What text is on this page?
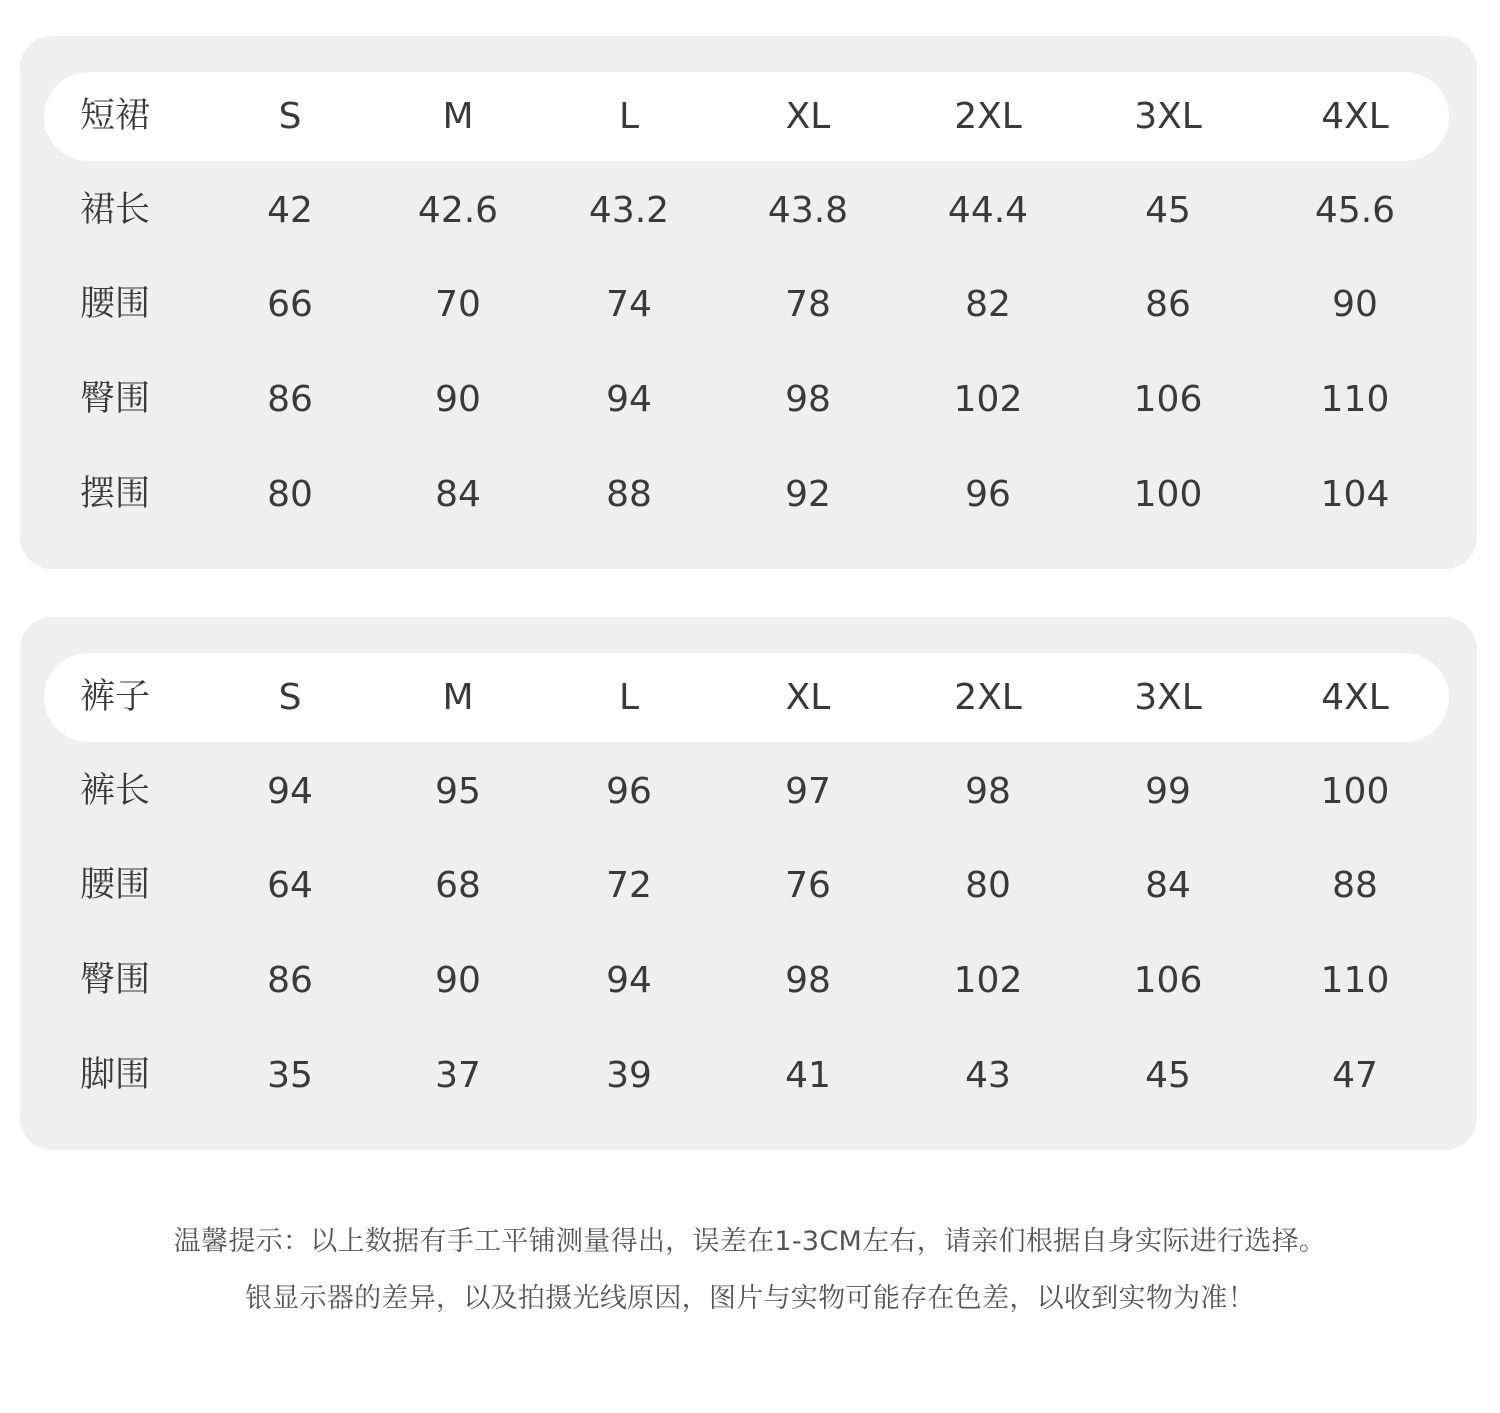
短裙	S	M	L	XL	2XL	3XL	4XL
裙长	42	42.6	43.2	43.8	44.4	45	45.6
腰围	66	70	74	78	82	86	90
臀围	86	90	94	98	102	106	110
摆围	80	84	88	92	96	100	104
裤子	S	M	L	XL	2XL	3XL	4XL
裤长	94	95	96	97	98	99	100
腰围	64	68	72	76	80	84	88
臀围	86	90	94	98	102	106	110
脚围	35	37	39	41	43	45	47
温馨提示：以上数据有手工平铺测量得出，误差在1-3CM左右，请亲们根据自身实际进行选择。
银显示器的差异，以及拍摄光线原因，图片与实物可能存在色差，以收到实物为准！
